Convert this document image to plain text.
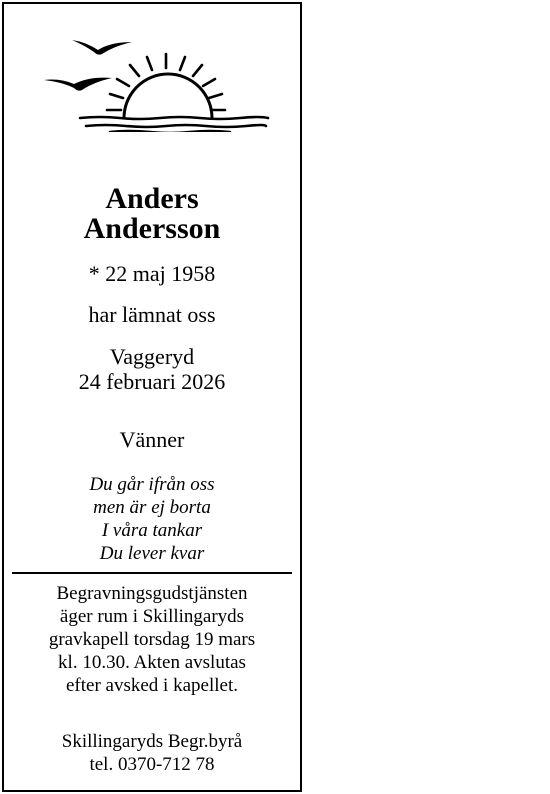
Anders
Andersson
* 22 maj 1958
har lämnat oss
Vaggeryd
24 februari 2026
Vänner
Du går ifrån oss
men är ej borta
I våra tankar
Du lever kvar
Begravningsgudstjänsten
äger rum i Skillingaryds
gravkapell torsdag 19 mars
kl. 10.30. Akten avslutas
efter avsked i kapellet.
Skillingaryds Begr.byrå
tel. 0370-712 78
